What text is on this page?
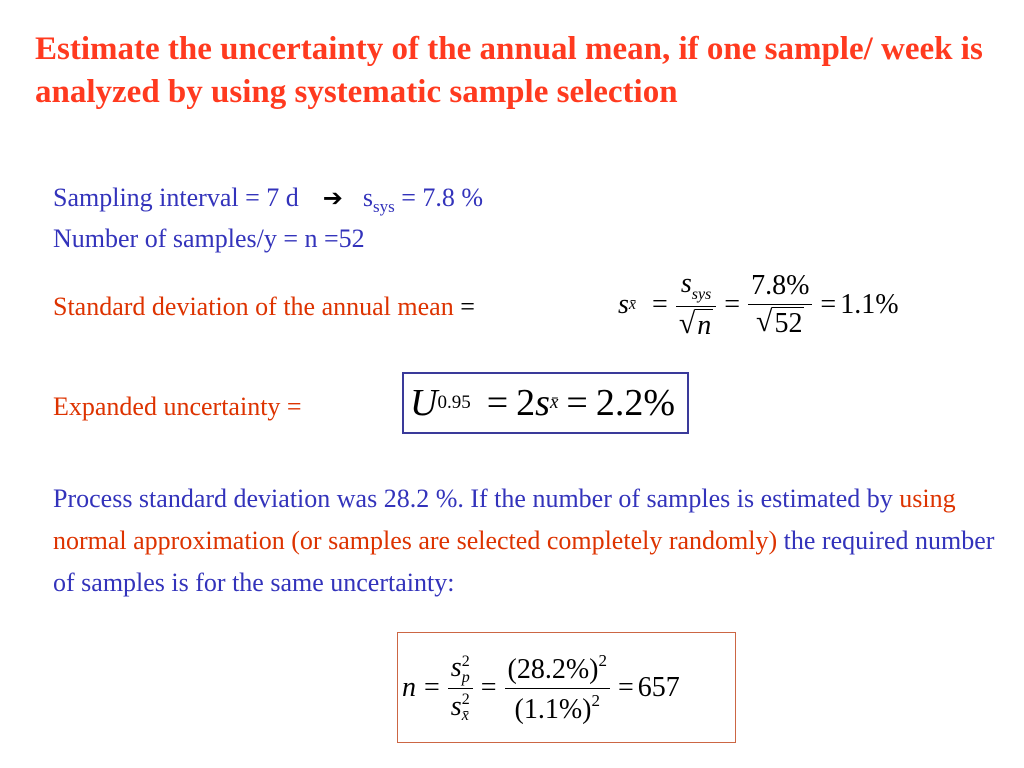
Estimate the uncertainty of the annual mean, if one sample/ week is analyzed by using systematic sample selection
Sampling interval = 7 d ➔ $s_{sys} = 7.8$ %
Number of samples/y = n =52
Standard deviation of the annual mean =	s x̄ = $\frac{s_{sys}}{√ n} = \frac{7.8\%}{√ 52} = 1.1\%$
Expanded uncertainty =	U 0.95 = 2 s x̄ = 2.2%
Process standard deviation was 28.2 %. If the number of samples is estimated by using normal approximation (or samples are selected completely randomly) the required number of samples is for the same uncertainty:
n = s 2
p
s 2
x̄ = $\frac{(28.2\%)^2}{(1.1\%)^2} = 657$
